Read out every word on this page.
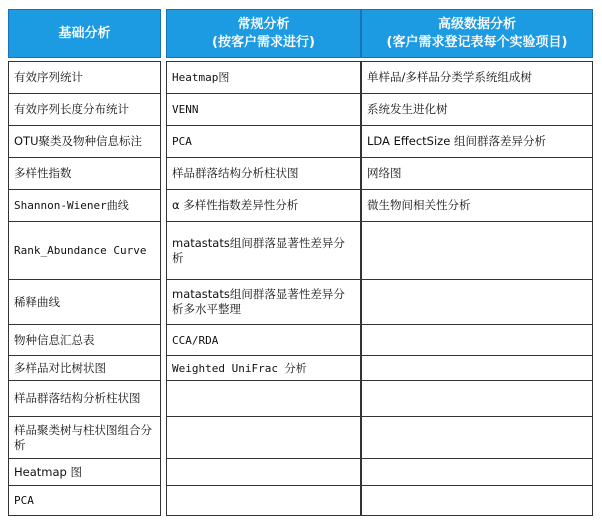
基础分析
常规分析
(按客户需求进行)
高级数据分析
(客户需求登记表每个实验项目)
有效序列统计
有效序列长度分布统计
OTU聚类及物种信息标注
多样性指数
Shannon-Wiener曲线
Rank_Abundance Curve
稀释曲线
物种信息汇总表
多样品对比树状图
样品群落结构分析柱状图
样品聚类树与柱状图组合分析
Heatmap 图
PCA
Heatmap图
VENN
PCA
样品群落结构分析柱状图
α 多样性指数差异性分析
matastats组间群落显著性差异分析
matastats组间群落显著性差异分析多水平整理
CCA/RDA
Weighted UniFrac 分析
单样品/多样品分类学系统组成树
系统发生进化树
LDA EffectSize 组间群落差异分析
网络图
微生物间相关性分析
